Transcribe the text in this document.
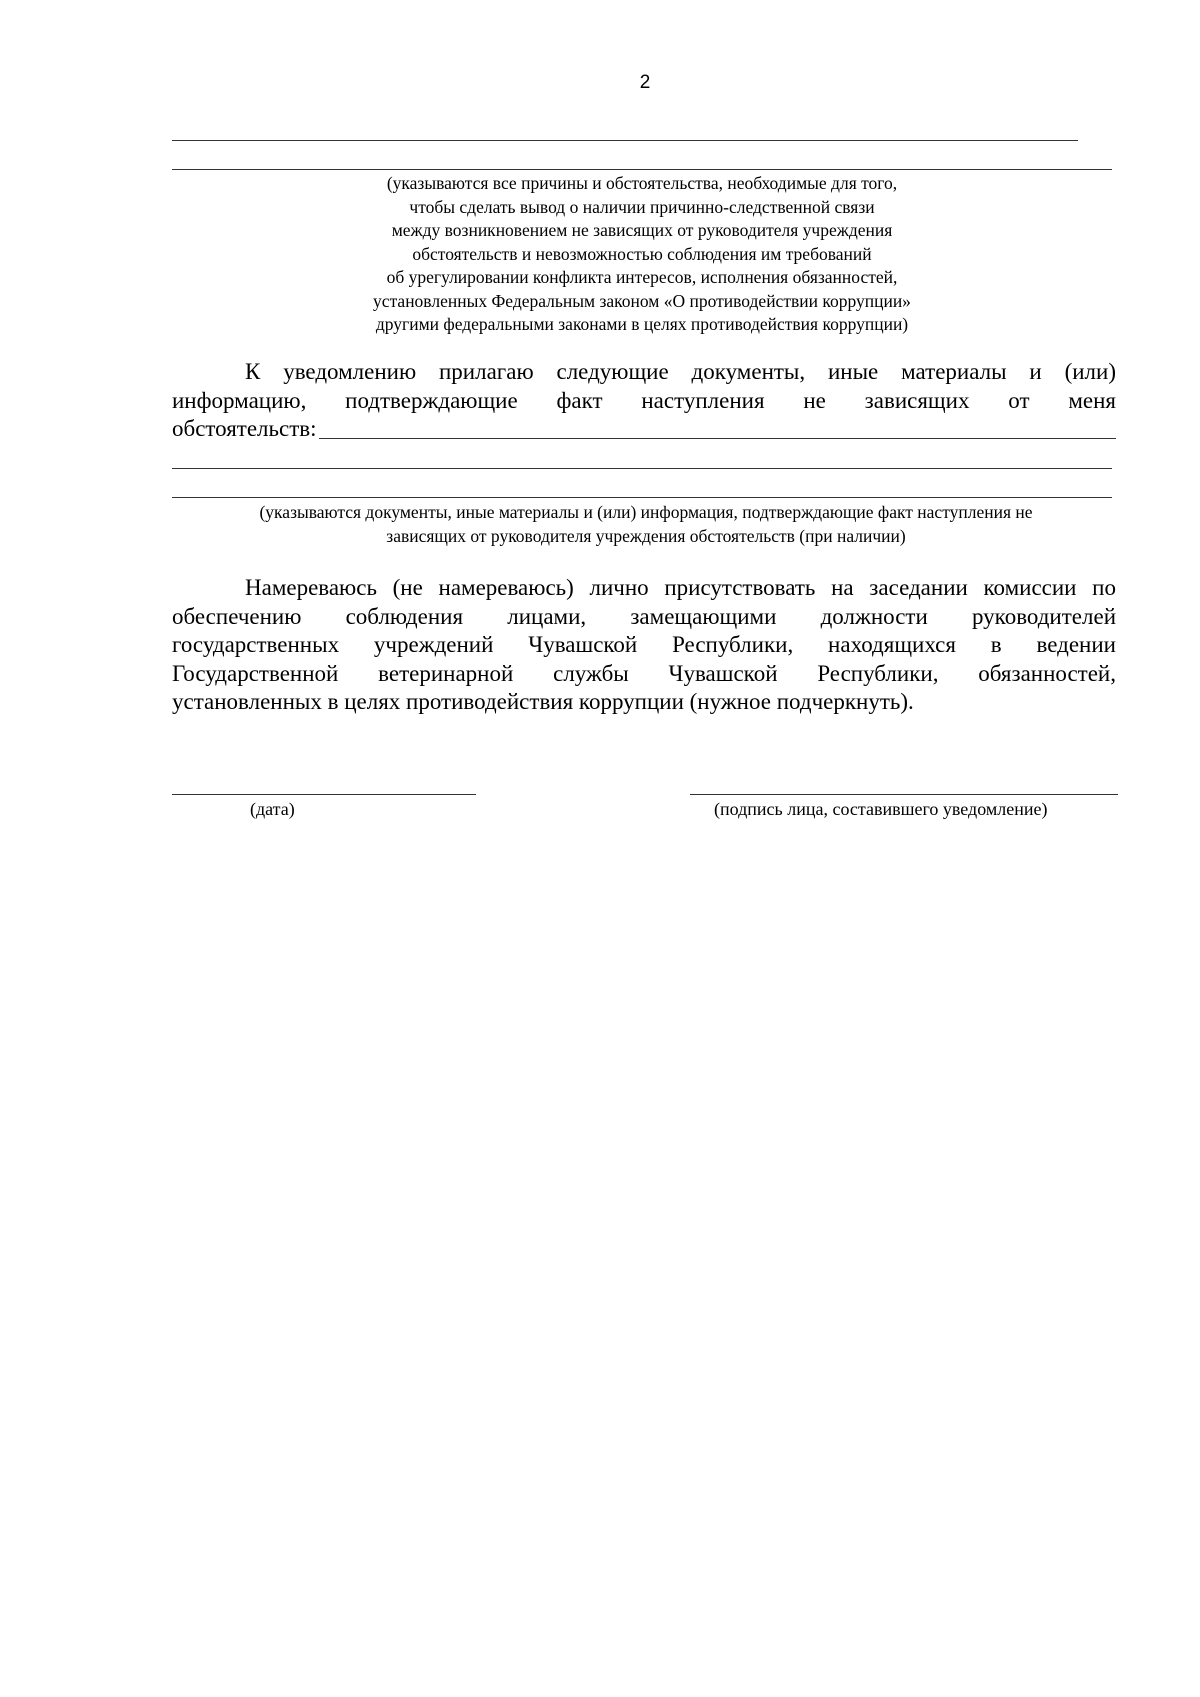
2
(указываются все причины и обстоятельства, необходимые для того,
чтобы сделать вывод о наличии причинно-следственной связи
между возникновением не зависящих от руководителя учреждения
обстоятельств и невозможностью соблюдения им требований
об урегулировании конфликта интересов, исполнения обязанностей,
установленных Федеральным законом «О противодействии коррупции»
другими федеральными законами в целях противодействия коррупции)
К уведомлению прилагаю следующие документы, иные материалы и (или)
информацию, подтверждающие факт наступления не зависящих от меня
обстоятельств:
(указываются документы, иные материалы и (или) информация, подтверждающие факт наступления не
зависящих от руководителя учреждения обстоятельств (при наличии)
Намереваюсь (не намереваюсь) лично присутствовать на заседании комиссии по
обеспечению соблюдения лицами, замещающими должности руководителей
государственных учреждений Чувашской Республики, находящихся в ведении
Государственной ветеринарной службы Чувашской Республики, обязанностей,
установленных в целях противодействия коррупции (нужное подчеркнуть).
(дата)	(подпись лица, составившего уведомление)
